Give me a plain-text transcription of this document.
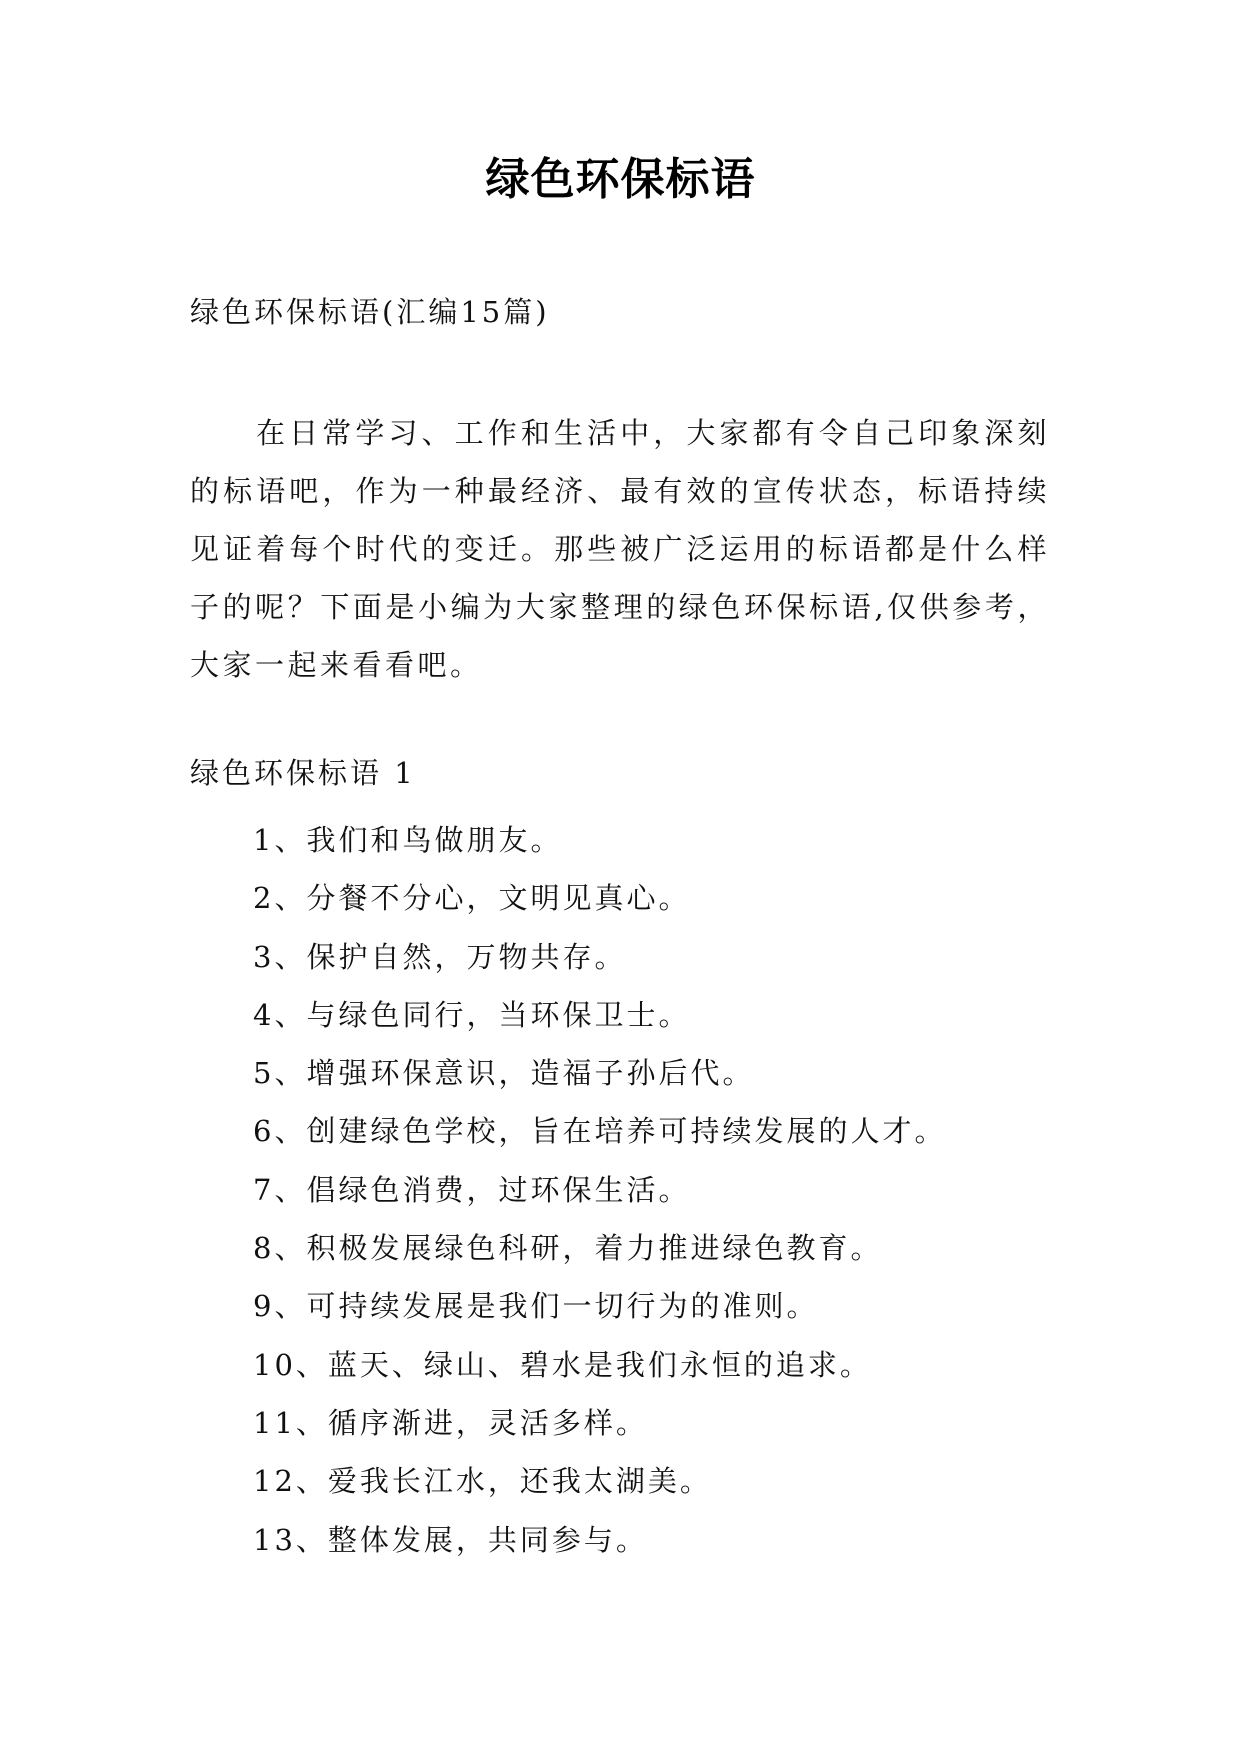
绿色环保标语
绿色环保标语(汇编15篇)

在日常学习、工作和生活中，大家都有令自己印象深刻的标语吧，作为一种最经济、最有效的宣传状态，标语持续见证着每个时代的变迁。那些被广泛运用的标语都是什么样子的呢？下面是小编为大家整理的绿色环保标语,仅供参考，大家一起来看看吧。

绿色环保标语 1
1、我们和鸟做朋友。
2、分餐不分心，文明见真心。
3、保护自然，万物共存。
4、与绿色同行，当环保卫士。
5、增强环保意识，造福子孙后代。
6、创建绿色学校，旨在培养可持续发展的人才。
7、倡绿色消费，过环保生活。
8、积极发展绿色科研，着力推进绿色教育。
9、可持续发展是我们一切行为的准则。
10、蓝天、绿山、碧水是我们永恒的追求。
11、循序渐进，灵活多样。
12、爱我长江水，还我太湖美。
13、整体发展，共同参与。
